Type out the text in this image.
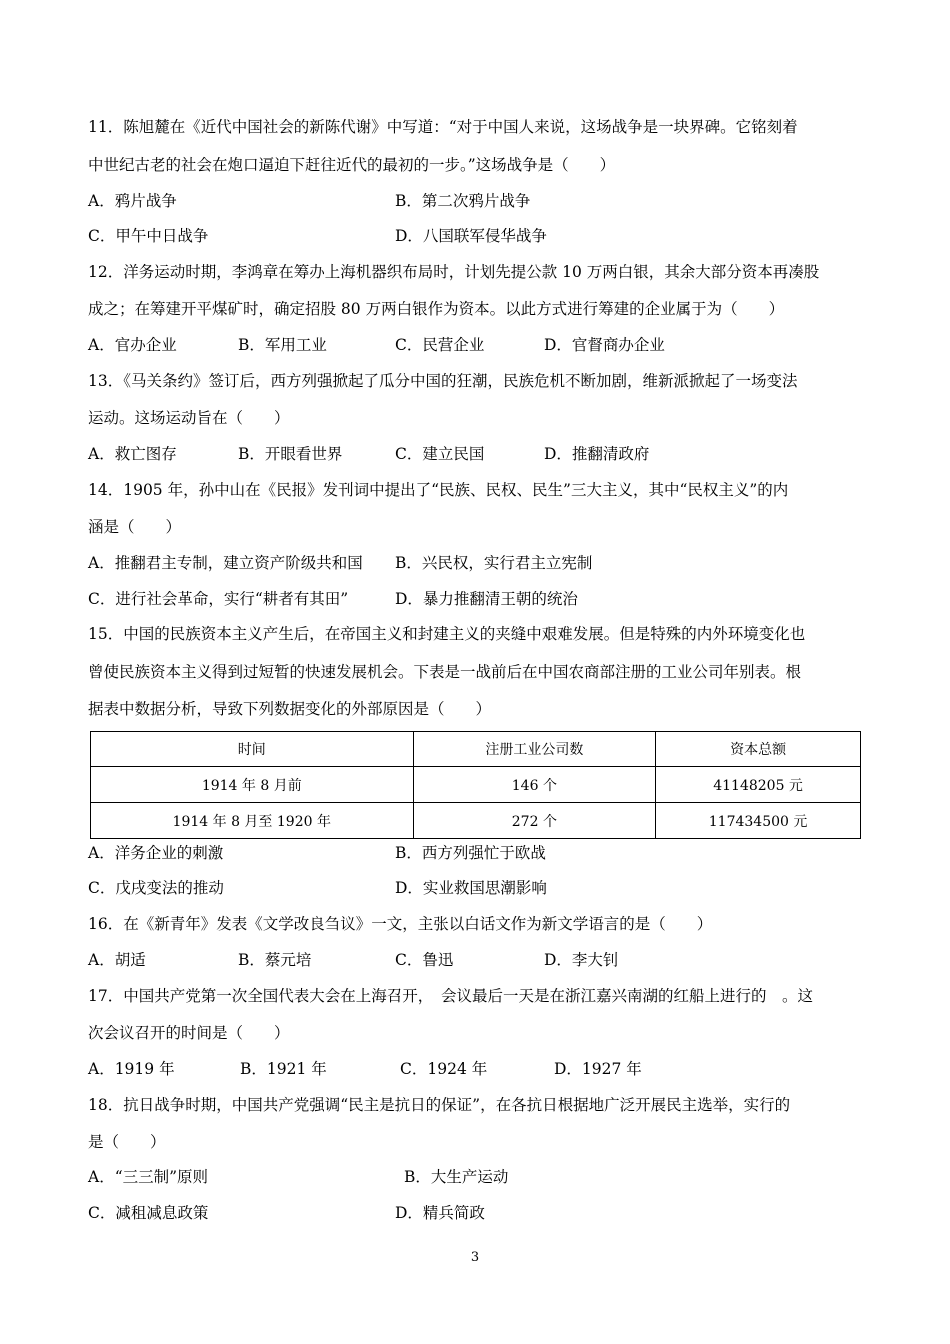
11．陈旭麓在《近代中国社会的新陈代谢》中写道：“对于中国人来说，这场战争是一块界碑。它铭刻着
中世纪古老的社会在炮口逼迫下赶往近代的最初的一步。”这场战争是（　　）
A．鸦片战争	B．第二次鸦片战争
C．甲午中日战争	D．八国联军侵华战争
12．洋务运动时期，李鸿章在筹办上海机器织布局时，计划先提公款 10 万两白银，其余大部分资本再凑股
成之；在筹建开平煤矿时，确定招股 80 万两白银作为资本。以此方式进行筹建的企业属于为（　　）
A．官办企业	B．军用工业	C．民营企业	D．官督商办企业
13．《马关条约》签订后，西方列强掀起了瓜分中国的狂潮，民族危机不断加剧，维新派掀起了一场变法
运动。这场运动旨在（　　）
A．救亡图存	B．开眼看世界	C．建立民国	D．推翻清政府
14．1905 年，孙中山在《民报》发刊词中提出了“民族、民权、民生”三大主义，其中“民权主义”的内
涵是（　　）
A．推翻君主专制，建立资产阶级共和国 B．兴民权，实行君主立宪制
C．进行社会革命，实行“耕者有其田”	D．暴力推翻清王朝的统治
15．中国的民族资本主义产生后，在帝国主义和封建主义的夹缝中艰难发展。但是特殊的内外环境变化也
曾使民族资本主义得到过短暂的快速发展机会。下表是一战前后在中国农商部注册的工业公司年别表。根
据表中数据分析，导致下列数据变化的外部原因是（　　）
时间	注册工业公司数	资本总额
1914 年 8 月前	146 个	41148205 元
1914 年 8 月至 1920 年	272 个	117434500 元
A．洋务企业的刺激	B．西方列强忙于欧战
C．戊戌变法的推动	D．实业救国思潮影响
16．在《新青年》发表《文学改良刍议》一文，主张以白话文作为新文学语言的是（　　）
A．胡适	B．蔡元培	C．鲁迅	D．李大钊
17．中国共产党第一次全国代表大会在上海召开，　会议最后一天是在浙江嘉兴南湖的红船上进行的　。这
次会议召开的时间是（　　）
A．1919 年	B．1921 年	C．1924 年	D．1927 年
18．抗日战争时期，中国共产党强调“民主是抗日的保证”，在各抗日根据地广泛开展民主选举，实行的
是（　　）
A．“三三制”原则	B．大生产运动
C．减租减息政策	D．精兵简政
3
